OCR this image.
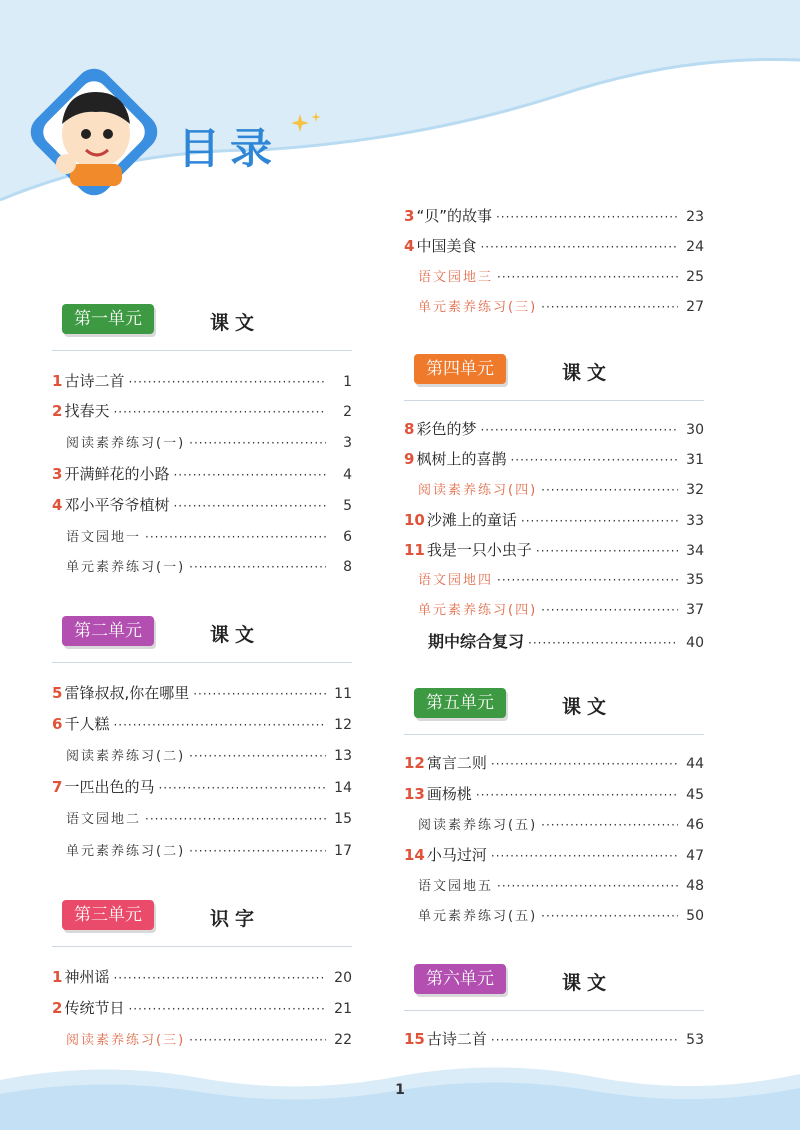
目录
第一单元	课文
1 古诗二首 ·····	1
2 找春天 ·····	2
阅读素养练习(一) ·····	3
3 开满鲜花的小路 ·····	4
4 邓小平爷爷植树 ·····	5
语文园地一 ·····	6
单元素养练习(一) ·····	8
第二单元	课文
5 雷锋叔叔,你在哪里 ·····	11
6 千人糕 ·····	12
阅读素养练习(二) ·····	13
7 一匹出色的马 ·····	14
语文园地二 ·····	15
单元素养练习(二) ·····	17
第三单元	识字
1 神州谣 ·····	20
2 传统节日 ·····	21
阅读素养练习(三) ·····	22
3 “贝”的故事 ·····	23
4 中国美食 ·····	24
语文园地三 ·····	25
单元素养练习(三) ·····	27
第四单元	课文
8 彩色的梦 ·····	30
9 枫树上的喜鹊 ·····	31
阅读素养练习(四) ·····	32
10 沙滩上的童话 ·····	33
11 我是一只小虫子 ·····	34
语文园地四 ·····	35
单元素养练习(四) ·····	37
期中综合复习 ·····	40
第五单元	课文
12 寓言二则 ·····	44
13 画杨桃 ·····	45
阅读素养练习(五) ·····	46
14 小马过河 ·····	47
语文园地五 ·····	48
单元素养练习(五) ·····	50
第六单元	课文
15 古诗二首 ·····	53
1
